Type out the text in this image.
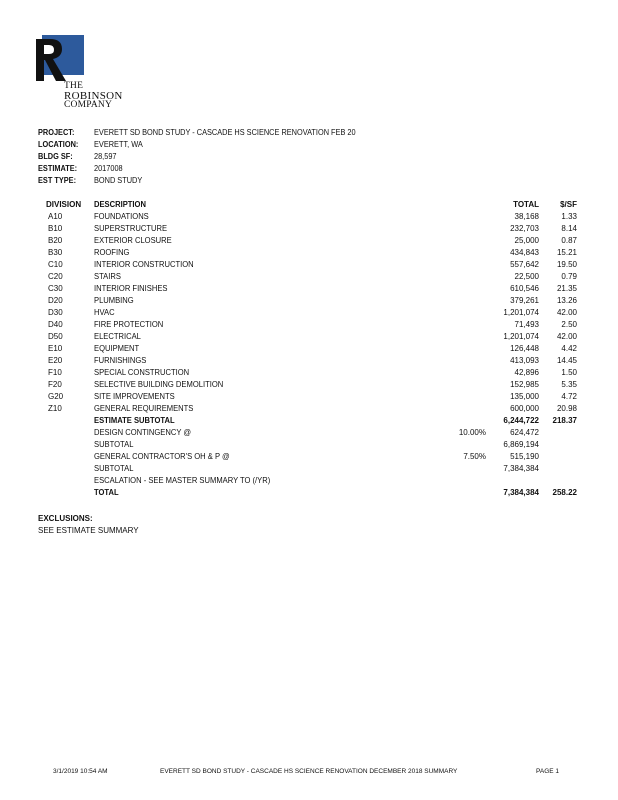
THE
ROBINSON
COMPANY
PROJECT: EVERETT SD BOND STUDY - CASCADE HS SCIENCE RENOVATION FEB 20
LOCATION: EVERETT, WA
BLDG SF:	28,597
ESTIMATE: 2017008
EST TYPE: BOND STUDY
DIVISION	DESCRIPTION	TOTAL	$/SF
A10	FOUNDATIONS	38,168	1.33
B10	SUPERSTRUCTURE	232,703	8.14
B20	EXTERIOR CLOSURE	25,000	0.87
B30	ROOFING	434,843	15.21
C10	INTERIOR CONSTRUCTION	557,642	19.50
C20	STAIRS	22,500	0.79
C30	INTERIOR FINISHES	610,546	21.35
D20	PLUMBING	379,261	13.26
D30	HVAC	1,201,074	42.00
D40	FIRE PROTECTION	71,493	2.50
D50	ELECTRICAL	1,201,074	42.00
E10	EQUIPMENT	126,448	4.42
E20	FURNISHINGS	413,093	14.45
F10	SPECIAL CONSTRUCTION	42,896	1.50
F20	SELECTIVE BUILDING DEMOLITION	152,985	5.35
G20	SITE IMPROVEMENTS	135,000	4.72
Z10	GENERAL REQUIREMENTS	600,000	20.98
ESTIMATE SUBTOTAL	6,244,722 218.37
DESIGN CONTINGENCY @	10.00%	624,472
SUBTOTAL	6,869,194
GENERAL CONTRACTOR'S OH & P @	7.50%	515,190
SUBTOTAL	7,384,384
ESCALATION - SEE MASTER SUMMARY TO (/YR)
TOTAL	7,384,384 258.22
EXCLUSIONS:
SEE ESTIMATE SUMMARY
3/1/2019 10:54 AM	EVERETT SD BOND STUDY - CASCADE HS SCIENCE RENOVATION DECEMBER 2018 SUMMARY	PAGE 1
